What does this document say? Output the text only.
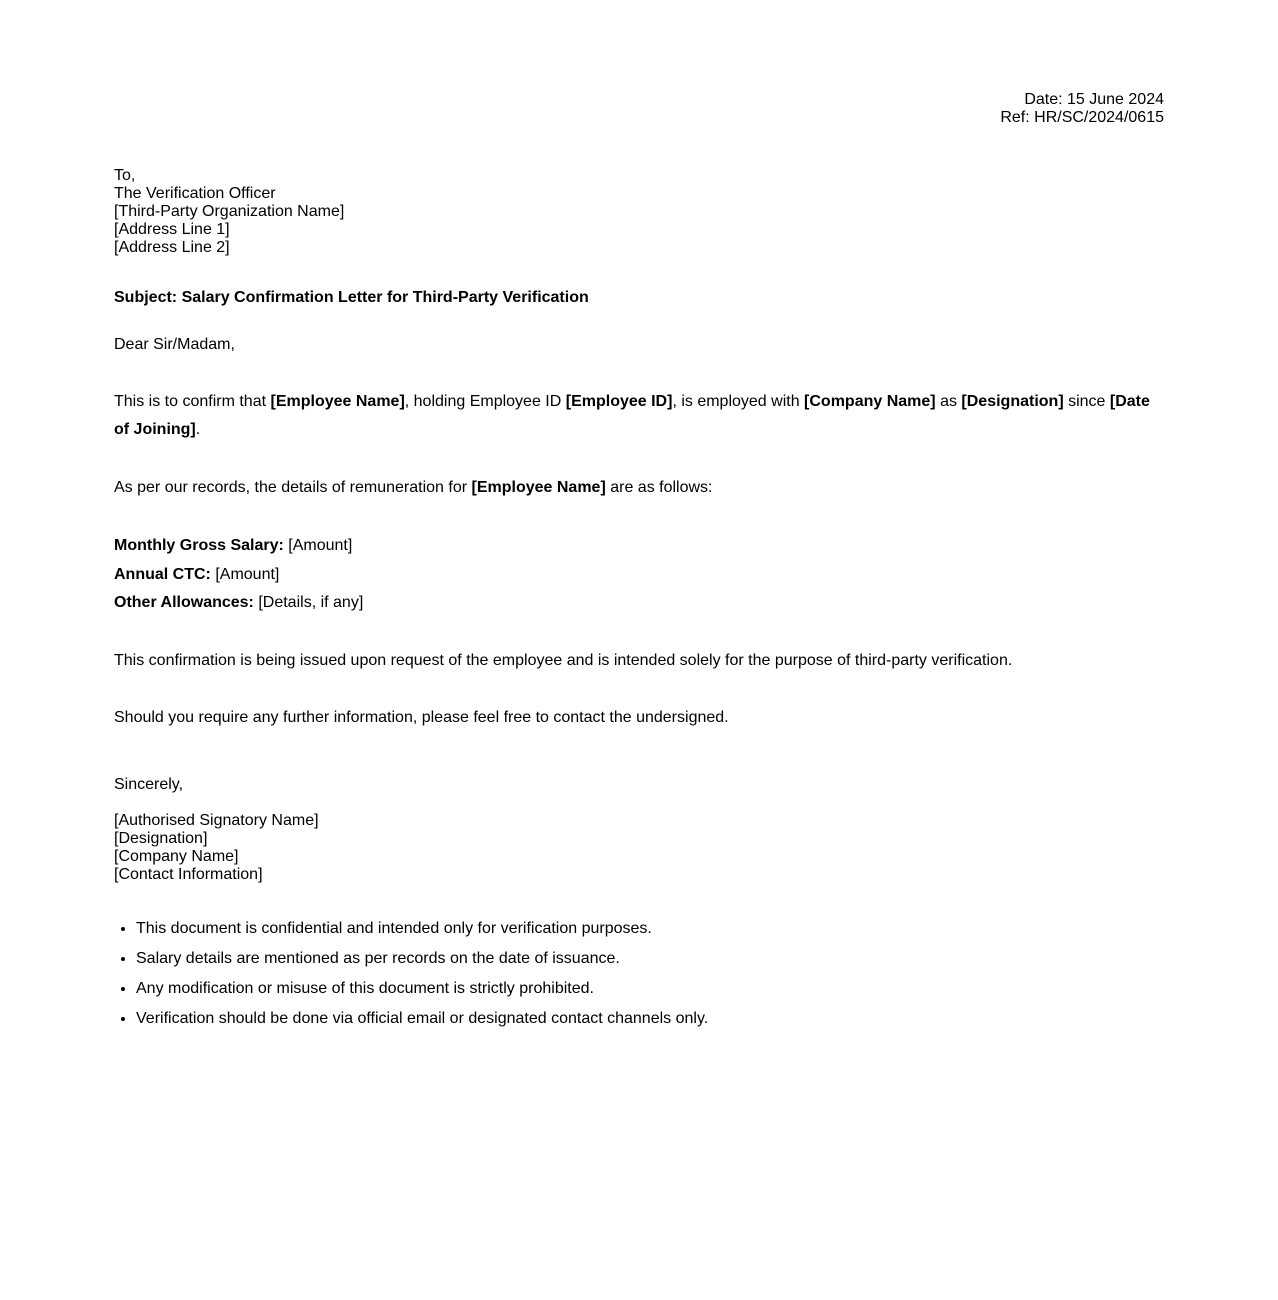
Date: 15 June 2024
Ref: HR/SC/2024/0615
To,
The Verification Officer
[Third-Party Organization Name]
[Address Line 1]
[Address Line 2]
Subject: Salary Confirmation Letter for Third-Party Verification
Dear Sir/Madam,
This is to confirm that [Employee Name], holding Employee ID [Employee ID], is employed with [Company Name] as [Designation] since [Date of Joining].
As per our records, the details of remuneration for [Employee Name] are as follows:
Monthly Gross Salary: [Amount]
Annual CTC: [Amount]
Other Allowances: [Details, if any]
This confirmation is being issued upon request of the employee and is intended solely for the purpose of third-party verification.
Should you require any further information, please feel free to contact the undersigned.
Sincerely,
[Authorised Signatory Name]
[Designation]
[Company Name]
[Contact Information]
• This document is confidential and intended only for verification purposes.
• Salary details are mentioned as per records on the date of issuance.
• Any modification or misuse of this document is strictly prohibited.
• Verification should be done via official email or designated contact channels only.
